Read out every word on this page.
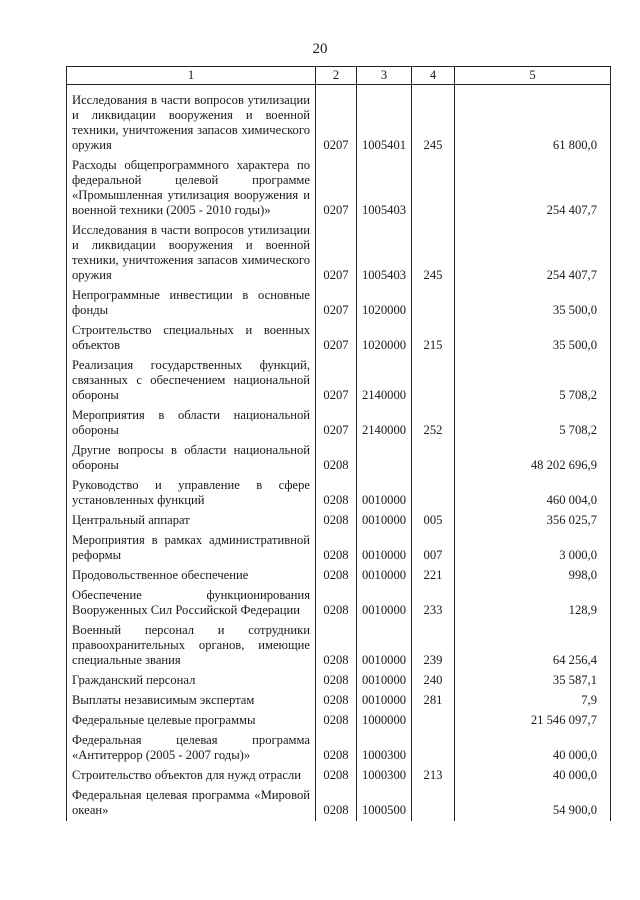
20
1	2	3	4	5

Исследования в части вопросов утилизации и ликвидации вооружения и военной техники, уничтожения запасов химического оружия	0207	1005401	245	61 800,0
Расходы общепрограммного характера по федеральной целевой программе «Промышленная утилизация вооружения и военной техники (2005 - 2010 годы)»	0207	1005403		254 407,7
Исследования в части вопросов утилизации и ликвидации вооружения и военной техники, уничтожения запасов химического оружия	0207	1005403	245	254 407,7
Непрограммные инвестиции в основные фонды	0207	1020000		35 500,0
Строительство специальных и военных объектов	0207	1020000	215	35 500,0
Реализация государственных функций, связанных с обеспечением национальной обороны	0207	2140000		5 708,2
Мероприятия в области национальной обороны	0207	2140000	252	5 708,2
Другие вопросы в области национальной обороны	0208			48 202 696,9
Руководство и управление в сфере установленных функций	0208	0010000		460 004,0
Центральный аппарат	0208	0010000	005	356 025,7
Мероприятия в рамках административной реформы	0208	0010000	007	3 000,0
Продовольственное обеспечение	0208	0010000	221	998,0
Обеспечение функционирования Вооруженных Сил Российской Федерации	0208	0010000	233	128,9
Военный персонал и сотрудники правоохранительных органов, имеющие специальные звания	0208	0010000	239	64 256,4
Гражданский персонал	0208	0010000	240	35 587,1
Выплаты независимым экспертам	0208	0010000	281	7,9
Федеральные целевые программы	0208	1000000		21 546 097,7
Федеральная целевая программа «Антитеррор (2005 - 2007 годы)»	0208	1000300		40 000,0
Строительство объектов для нужд отрасли	0208	1000300	213	40 000,0
Федеральная целевая программа «Мировой океан»	0208	1000500		54 900,0
